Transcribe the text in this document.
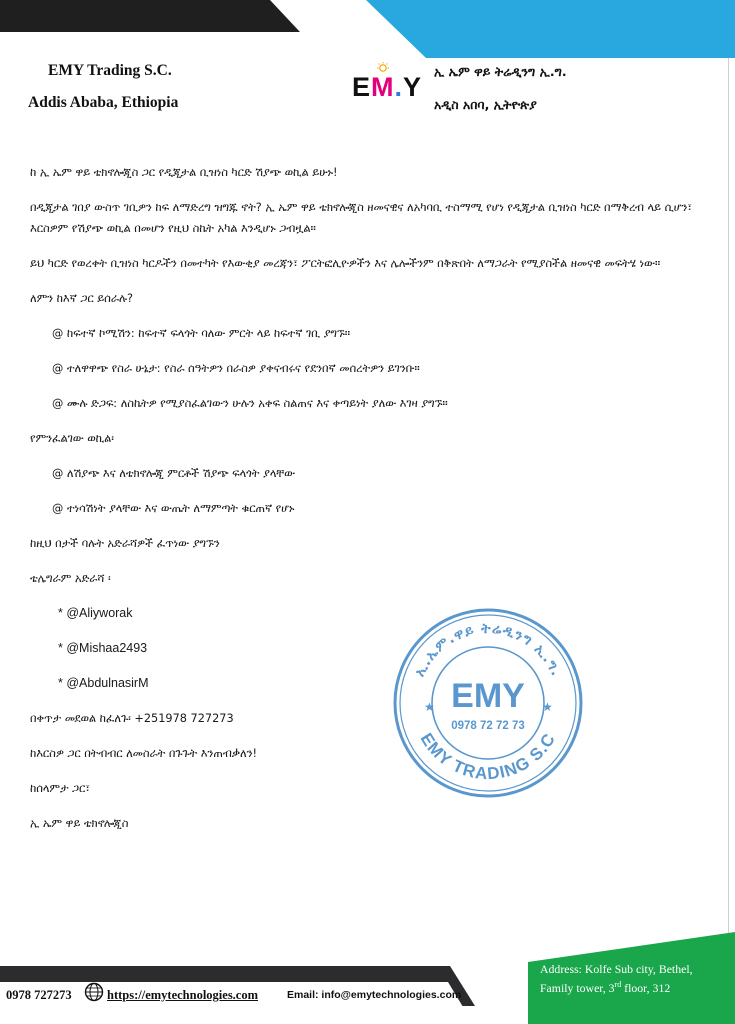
EMY Trading S.C.
Addis Ababa, Ethiopia
EM.Y
ኢ ኤም ዋይ ትሬዲንግ ኢ.ግ.
አዲስ አበባ, ኢትዮጵያ

ከ ኢ ኤም ዋይ ቴክኖሎጂስ ጋር የዲጂታል ቢዝነስ ካርድ ሽያጭ ወኪል ይሁኑ!

በዲጂታል ገበያ ውስጥ ገቢዎን ከፍ ለማድረግ ዝግጁ ኖት? ኢ ኤም ዋይ ቴክኖሎጂስ ዘመናዊና ለአካባቢ ተስማሚ የሆነ የዲጂታል ቢዝነስ ካርድ በማቅረብ ላይ ሲሆን፣ እርስዎም የሽያጭ ወኪል በመሆን የዚህ ስኬት አካል እንዲሆኑ ጋብዟል።

ይህ ካርድ የወረቀት ቢዝነስ ካርዶችን በመተካት የእውቂያ መረጃን፣ ፖርትፎሊዮዎችን እና ሌሎችንም በቅጽበት ለማጋራት የሚያስችል ዘመናዊ መፍትሄ ነው።

ለምን ከእኛ ጋር ይሰራሉ?

@ ከፍተኛ ኮሚሽን: ከፍተኛ ፍላጎት ባለው ምርት ላይ ከፍተኛ ገቢ ያግኙ።

@ ተለዋዋጭ የስራ ሁኔታ: የስራ ሰዓትዎን በራስዎ ያቀናብሩና የደንበኛ መሰረትዎን ይገንቡ።

@ ሙሉ ድጋፍ: ለስኬትዎ የሚያስፈልገውን ሁሉን አቀፍ ስልጠና እና ቀጣይነት ያለው እገዛ ያግኙ።

የምንፈልገው ወኪል፡

@ ለሽያጭ እና ለቴክኖሎጂ ምርቶች ሽያጭ ፍላጎት ያላቸው

@ ተነሳሽነት ያላቸው እና ውጤት ለማምጣት ቁርጠኛ የሆኑ

ከዚህ በታች ባሉት አድራሻዎች ፈጥነው ያግኙን

ቴሌግራም አድራሻ ፡

* @Aliyworak

* @Mishaa2493

* @AbdulnasirM

በቀጥታ መደወል ከፈለጉ፡ +251978 727273

ከእርስዎ ጋር በትብብር ለመስራት በጉጉት እንጠብቃለን!

ከሰላምታ ጋር፣

ኢ ኤም ዋይ ቴክኖሎጂስ

ኢ.ኤም.ዋይ ትሬዲንግ ኢ.ግ.
EMY TRADING S.C
★	★
EMY
0978 72 72 73
0978 727273	https://emytechnologies.com	Email: info@emytechnologies.com
Address: Kolfe Sub city, Bethel,
Family tower, 3rd floor, 312
